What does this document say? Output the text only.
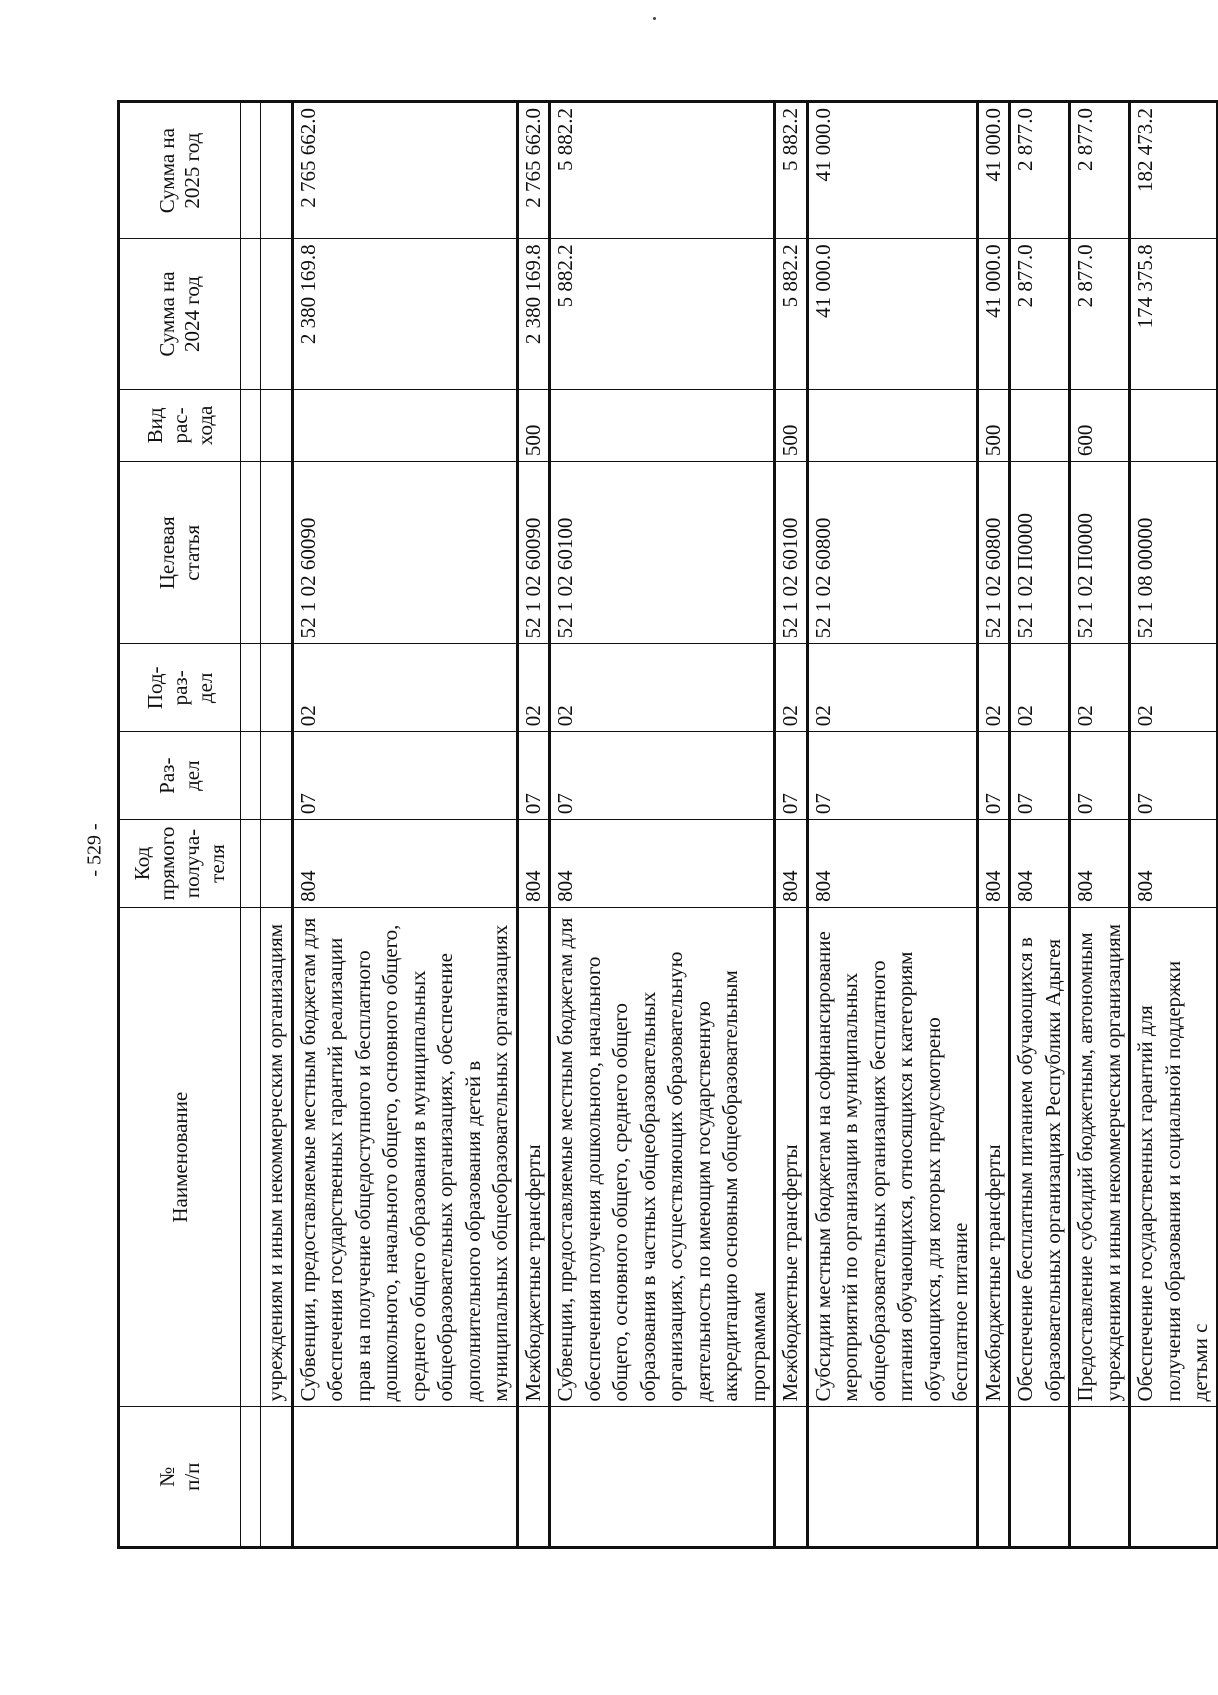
- 529 -
№ п/п	Наименование	Код прямого получа- теля	Раз- дел	Под- раз- дел	Целевая статья	Вид рас- хода	Сумма на 2024 год	Сумма на 2025 год

	учреждениям и иным некоммерческим организациям							
	Субвенции, предоставляемые местным бюджетам для обеспечения государственных гарантий реализации прав на получение общедоступного и бесплатного дошкольного, начального общего, основного общего, среднего общего образования в муниципальных общеобразовательных организациях, обеспечение дополнительного образования детей в муниципальных общеобразовательных организациях	804	07	02	52 1 02 60090		2 380 169.8	2 765 662.0
	Межбюджетные трансферты	804	07	02	52 1 02 60090	500	2 380 169.8	2 765 662.0
	Субвенции, предоставляемые местным бюджетам для обеспечения получения дошкольного, начального общего, основного общего, среднего общего образования в частных общеобразовательных организациях, осуществляющих образовательную деятельность по имеющим государственную аккредитацию основным общеобразовательным программам	804	07	02	52 1 02 60100		5 882.2	5 882.2
	Межбюджетные трансферты	804	07	02	52 1 02 60100	500	5 882.2	5 882.2
	Субсидии местным бюджетам на софинансирование мероприятий по организации в муниципальных общеобразовательных организациях бесплатного питания обучающихся, относящихся к категориям обучающихся, для которых предусмотрено бесплатное питание	804	07	02	52 1 02 60800		41 000.0	41 000.0
	Межбюджетные трансферты	804	07	02	52 1 02 60800	500	41 000.0	41 000.0
	Обеспечение бесплатным питанием обучающихся в образовательных организациях Республики Адыгея	804	07	02	52 1 02 П0000		2 877.0	2 877.0
	Предоставление субсидий бюджетным, автономным учреждениям и иным некоммерческим организациям	804	07	02	52 1 02 П0000	600	2 877.0	2 877.0
	Обеспечение государственных гарантий для получения образования и социальной поддержки детьми с	804	07	02	52 1 08 00000		174 375.8	182 473.2
